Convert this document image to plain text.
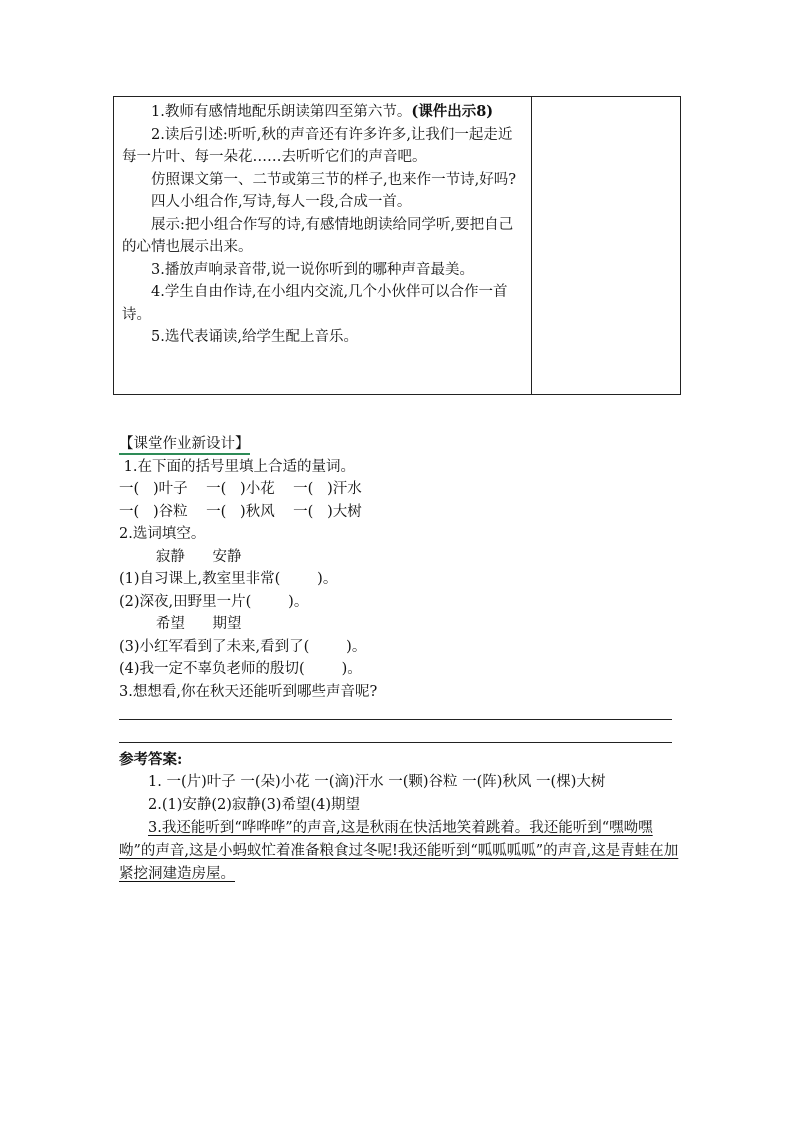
1.教师有感情地配乐朗读第四至第六节。(课件出示8)

2.读后引述:听听,秋的声音还有许多许多,让我们一起走近每一片叶、每一朵花……去听听它们的声音吧。

仿照课文第一、二节或第三节的样子,也来作一节诗,好吗?

四人小组合作,写诗,每人一段,合成一首。

展示:把小组合作写的诗,有感情地朗读给同学听,要把自己的心情也展示出来。

3.播放声响录音带,说一说你听到的哪种声音最美。

4.学生自由作诗,在小组内交流,几个小伙伴可以合作一首诗。

5.选代表诵读,给学生配上音乐。

【课堂作业新设计】

1.在下面的括号里填上合适的量词。

一(   )叶子    一(   )小花    一(   )汗水

一(   )谷粒    一(   )秋风    一(   )大树

2.选词填空。

寂静      安静

(1)自习课上,教室里非常(        )。

(2)深夜,田野里一片(        )。

希望      期望

(3)小红军看到了未来,看到了(        )。

(4)我一定不辜负老师的殷切(        )。

3.想想看,你在秋天还能听到哪些声音呢?

参考答案:

1. 一(片)叶子 一(朵)小花 一(滴)汗水 一(颗)谷粒 一(阵)秋风 一(棵)大树

2.(1)安静(2)寂静(3)希望(4)期望

3.我还能听到“哗哗哗”的声音,这是秋雨在快活地笑着跳着。我还能听到“嘿呦嘿呦”的声音,这是小蚂蚁忙着准备粮食过冬呢!我还能听到“呱呱呱呱”的声音,这是青蛙在加紧挖洞建造房屋。
